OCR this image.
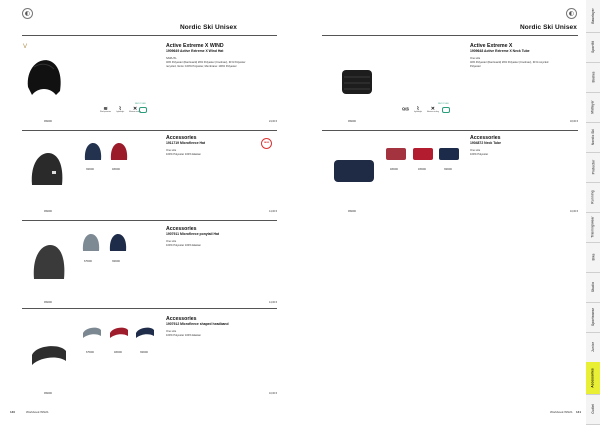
◐
Nordic Ski Unisex
ᐯ	Active Extreme X WIND
1909649 Active Extreme X Wind Hat
S/M/L/XL
40% Polyester (DanGuard) 29% Polyester (Coolmax), 31% Polyester
recycled, Vento: 100% Polyester, Membrane: 100% Polyester
≋
Wind protection
⌇
Lightweight
✕
Moisture wicking
RECYCLED
999000	24,00 €
396000	486000
Accessories
1911719 Microfleece Hat
One size
100% Polyester 100% Elastan
NEW
999000	14,00 €
675000	396000
Accessories
1907911 Microfleece ponytail Hat
One size
100% Polyester 100% Elastan
999000	14,00 €
675000	486000	396000
Accessories
1907912 Microfleece shaped headband
One size
100% Polyester 100% Elastan
999000	10,00 €
140	Workbook WN21
◐
Nordic Ski Unisex
Active Extreme X
1909648 Active Extreme X Neck Tube
One size
40% Polyester (DanGuard) 29% Polyester (Coolmax), 31% recycled
Polyester
O/S
One size	⌇
Lightweight
✕
Moisture wicking
RECYCLED
999000	18,00 €
486000	465000	396000
Accessories
1904872 Neck Tube
One size
100% Polyester
999000	10,00 €
Workbook WN21 141
Baselayer
Sportfit
Bodies
Midlayer
Nordic Ski
Protector
Running
Training/wear
Bike
Studio
Sportswear
Junior
Accessories
Outlet
